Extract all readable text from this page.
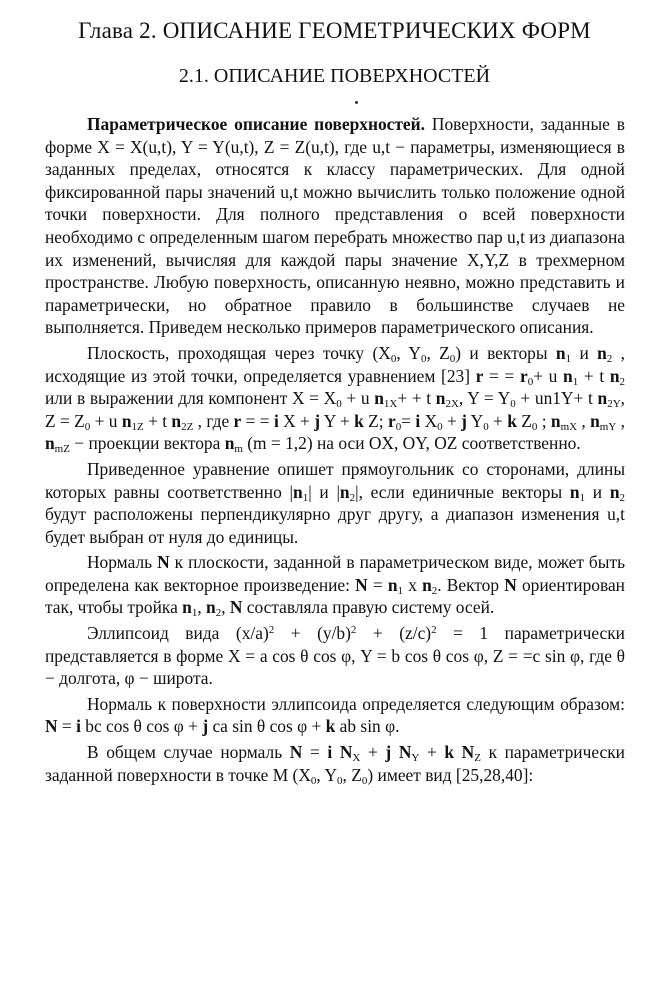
Глава 2. ОПИСАНИЕ ГЕОМЕТРИЧЕСКИХ ФОРМ
2.1. ОПИСАНИЕ ПОВЕРХНОСТЕЙ

Параметрическое описание поверхностей. Поверхности, заданные в форме X = X(u,t), Y = Y(u,t), Z = Z(u,t), где u,t − параметры, изменяющиеся в заданных пределах, относятся к классу параметрических. Для одной фиксированной пары значений u,t можно вычислить только положение одной точки поверхности. Для полного представления о всей поверхности необходимо с определенным шагом перебрать множество пар u,t из диапазона их изменений, вычисляя для каждой пары значение X,Y,Z в трехмерном пространстве. Любую поверхность, описанную неявно, можно представить и параметрически, но обратное правило в большинстве случаев не выполняется. Приведем несколько примеров параметрического описания.

Плоскость, проходящая через точку ($X_0$, $Y_0$, $Z_0$) и векторы $n_1$ и $n_2$ , исходящие из этой точки, определяется уравнением [23] r = = $r_0+ u$ $n_1 + t$ $n_2$ или в выражении для компонент $X = X_0 + u$ $n_{1X}+ + t$ $n_{2X}$, $Y = Y_0 + un1Y+ t$ $n_{2Y}$, $Z = Z_0 + u$ $n_{1Z} + t$ $n_{2Z}$ , где r = = i X + j Y + k Z; $r_0= i$ $X_0 + j$ $Y_0 + k$ $Z_0$ ; $n_{mX}$ , $n_{mY}$ , $n_{mZ}$ − проекции вектора $n_m$ (m = 1,2) на оси OX, OY, OZ соответственно.

Приведенное уравнение опишет прямоугольник со сторонами, длины которых равны соответственно $|n_1|$ и $|n_2|$, если единичные векторы $n_1$ и $n_2$ будут расположены перпендикулярно друг другу, а диапазон изменения u,t будет выбран от нуля до единицы.

Нормаль N к плоскости, заданной в параметрическом виде, может быть определена как векторное произведение: $N = n_1$ x $n_2$. Вектор N ориентирован так, чтобы тройка $n_1$, $n_2$, N составляла правую систему осей.

Эллипсоид вида $(x/a)^2 + (y/b)^2 + (z/c)^2 = 1$ параметрически представляется в форме X = a cos θ cos φ, Y = b cos θ cos φ, Z = =c sin φ, где θ − долгота, φ − широта.

Нормаль к поверхности эллипсоида определяется следующим образом: N = i bc cos θ cos φ + j ca sin θ cos φ + k ab sin φ.

В общем случае нормаль N = i $N_X + j$ $N_Y + k$ $N_Z$ к параметрически заданной поверхности в точке M ($X_0$, $Y_0$, $Z_0$) имеет вид [25,28,40]:
